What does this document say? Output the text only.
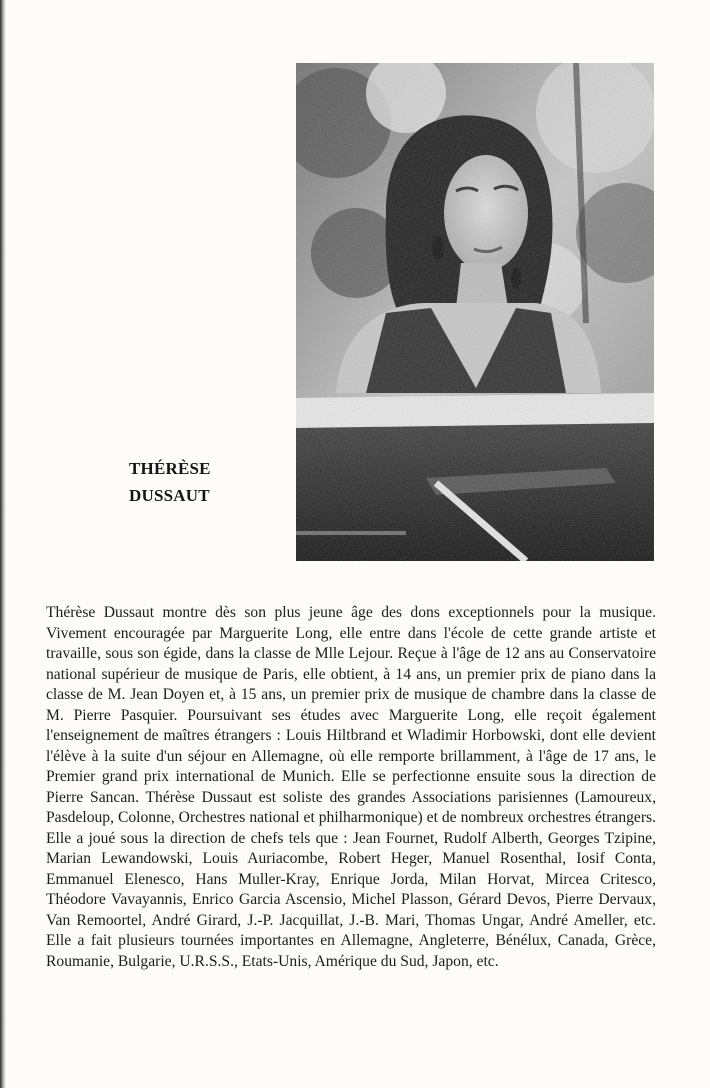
THÉRÈSE
DUSSAUT

Thérèse Dussaut montre dès son plus jeune âge des dons exceptionnels pour la musique. Vivement encouragée par Marguerite Long, elle entre dans l'école de cette grande artiste et travaille, sous son égide, dans la classe de Mlle Lejour. Reçue à l'âge de 12 ans au Conservatoire national supérieur de musique de Paris, elle obtient, à 14 ans, un premier prix de piano dans la classe de M. Jean Doyen et, à 15 ans, un premier prix de musique de chambre dans la classe de M. Pierre Pasquier. Poursuivant ses études avec Marguerite Long, elle reçoit également l'enseignement de maîtres étrangers : Louis Hiltbrand et Wladimir Horbowski, dont elle devient l'élève à la suite d'un séjour en Allemagne, où elle remporte brillamment, à l'âge de 17 ans, le Premier grand prix international de Munich. Elle se perfectionne ensuite sous la direction de Pierre Sancan. Thérèse Dussaut est soliste des grandes Associations parisiennes (Lamoureux, Pasdeloup, Colonne, Orchestres national et philharmonique) et de nombreux orchestres étrangers. Elle a joué sous la direction de chefs tels que : Jean Fournet, Rudolf Alberth, Georges Tzipine, Marian Lewandowski, Louis Auriacombe, Robert Heger, Manuel Rosenthal, Iosif Conta, Emmanuel Elenesco, Hans Muller-Kray, Enrique Jorda, Milan Horvat, Mircea Critesco, Théodore Vavayannis, Enrico Garcia Ascensio, Michel Plasson, Gérard Devos, Pierre Dervaux, Van Remoortel, André Girard, J.-P. Jacquillat, J.-B. Mari, Thomas Ungar, André Ameller, etc. Elle a fait plusieurs tournées importantes en Allemagne, Angleterre, Bénélux, Canada, Grèce, Roumanie, Bulgarie, U.R.S.S., Etats-Unis, Amérique du Sud, Japon, etc.
